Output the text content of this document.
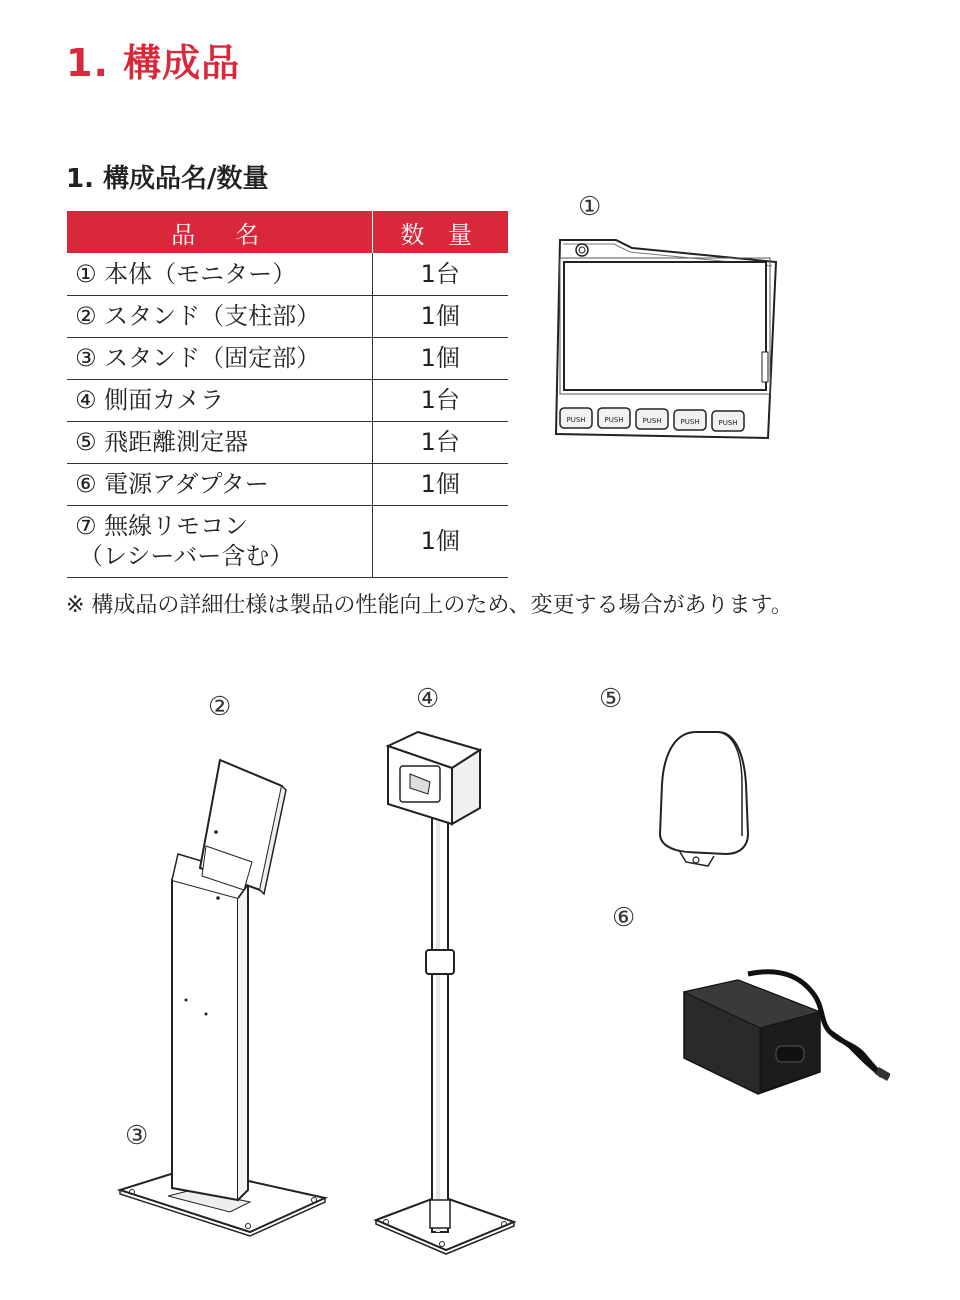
1. 構成品
1. 構成品名/数量
品　名	数 量
① 本体（モニター）	1台
② スタンド（支柱部）	1個
③ スタンド（固定部）	1個
④ 側面カメラ	1台
⑤ 飛距離測定器	1台
⑥ 電源アダプター	1個
⑦ 無線リモコン
（レシーバー含む）	1個
※ 構成品の詳細仕様は製品の性能向上のため、変更する場合があります。
①
②
③
④	⑤
⑥
PUSH	PUSH	PUSH	PUSH	PUSH
